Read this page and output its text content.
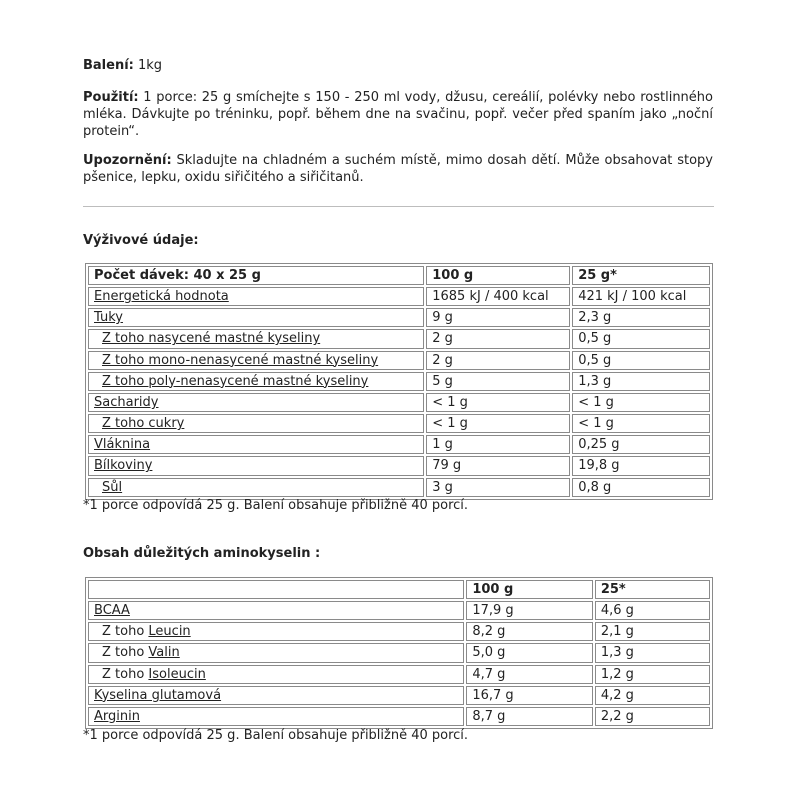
Balení: 1kg

Použití: 1 porce: 25 g smíchejte s 150 - 250 ml vody, džusu, cereálií, polévky nebo rostlinného mléka. Dávkujte po tréninku, popř. během dne na svačinu, popř. večer před spaním jako „noční protein“.

Upozornění: Skladujte na chladném a suchém místě, mimo dosah dětí. Může obsahovat stopy pšenice, lepku, oxidu siřičitého a siřičitanů.

Výživové údaje:

Počet dávek: 40 x 25 g	100 g	25 g*
Energetická hodnota	1685 kJ / 400 kcal	421 kJ / 100 kcal
Tuky	9 g	2,3 g
Z toho nasycené mastné kyseliny	2 g	0,5 g
Z toho mono-nenasycené mastné kyseliny	2 g	0,5 g
Z toho poly-nenasycené mastné kyseliny	5 g	1,3 g
Sacharidy	< 1 g	< 1 g
Z toho cukry	< 1 g	< 1 g
Vláknina	1 g	0,25 g
Bílkoviny	79 g	19,8 g
Sůl	3 g	0,8 g
*1 porce odpovídá 25 g. Balení obsahuje přibližně 40 porcí.

Obsah důležitých aminokyselin :

	100 g	25*
BCAA	17,9 g	4,6 g
Z toho Leucin	8,2 g	2,1 g
Z toho Valin	5,0 g	1,3 g
Z toho Isoleucin	4,7 g	1,2 g
Kyselina glutamová	16,7 g	4,2 g
Arginin	8,7 g	2,2 g
*1 porce odpovídá 25 g. Balení obsahuje přibližně 40 porcí.
